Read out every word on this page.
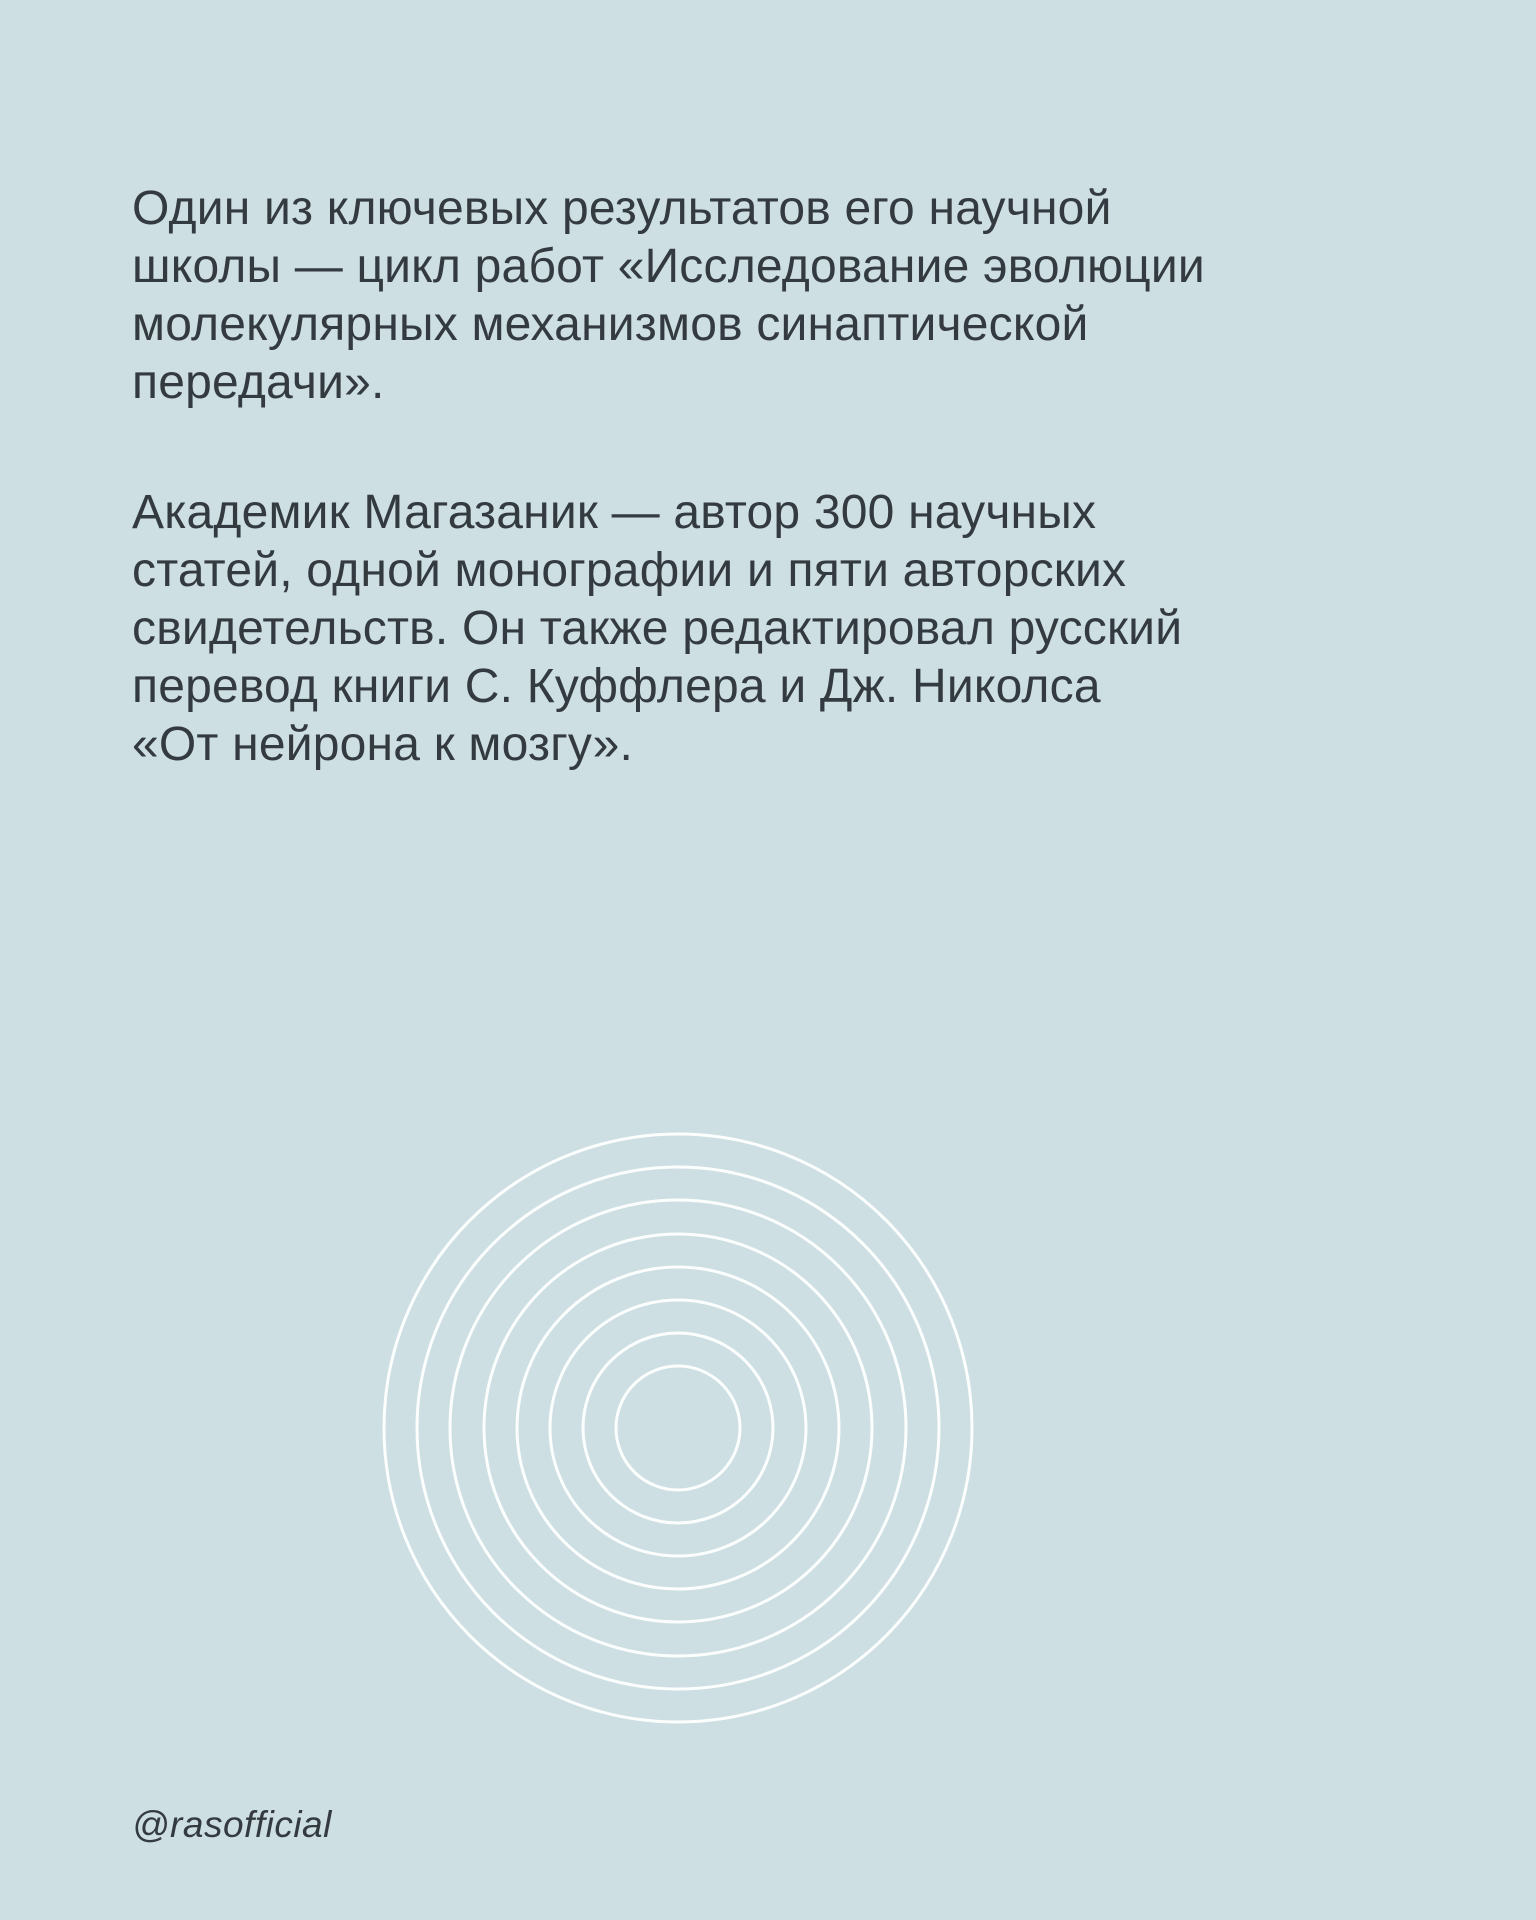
Один из ключевых результатов его научной
школы — цикл работ «Исследование эволюции
молекулярных механизмов синаптической
передачи».
Академик Магазаник — автор 300 научных
статей, одной монографии и пяти авторских
свидетельств. Он также редактировал русский
перевод книги С. Куффлера и Дж. Николса
«От нейрона к мозгу».
@rasofficial
